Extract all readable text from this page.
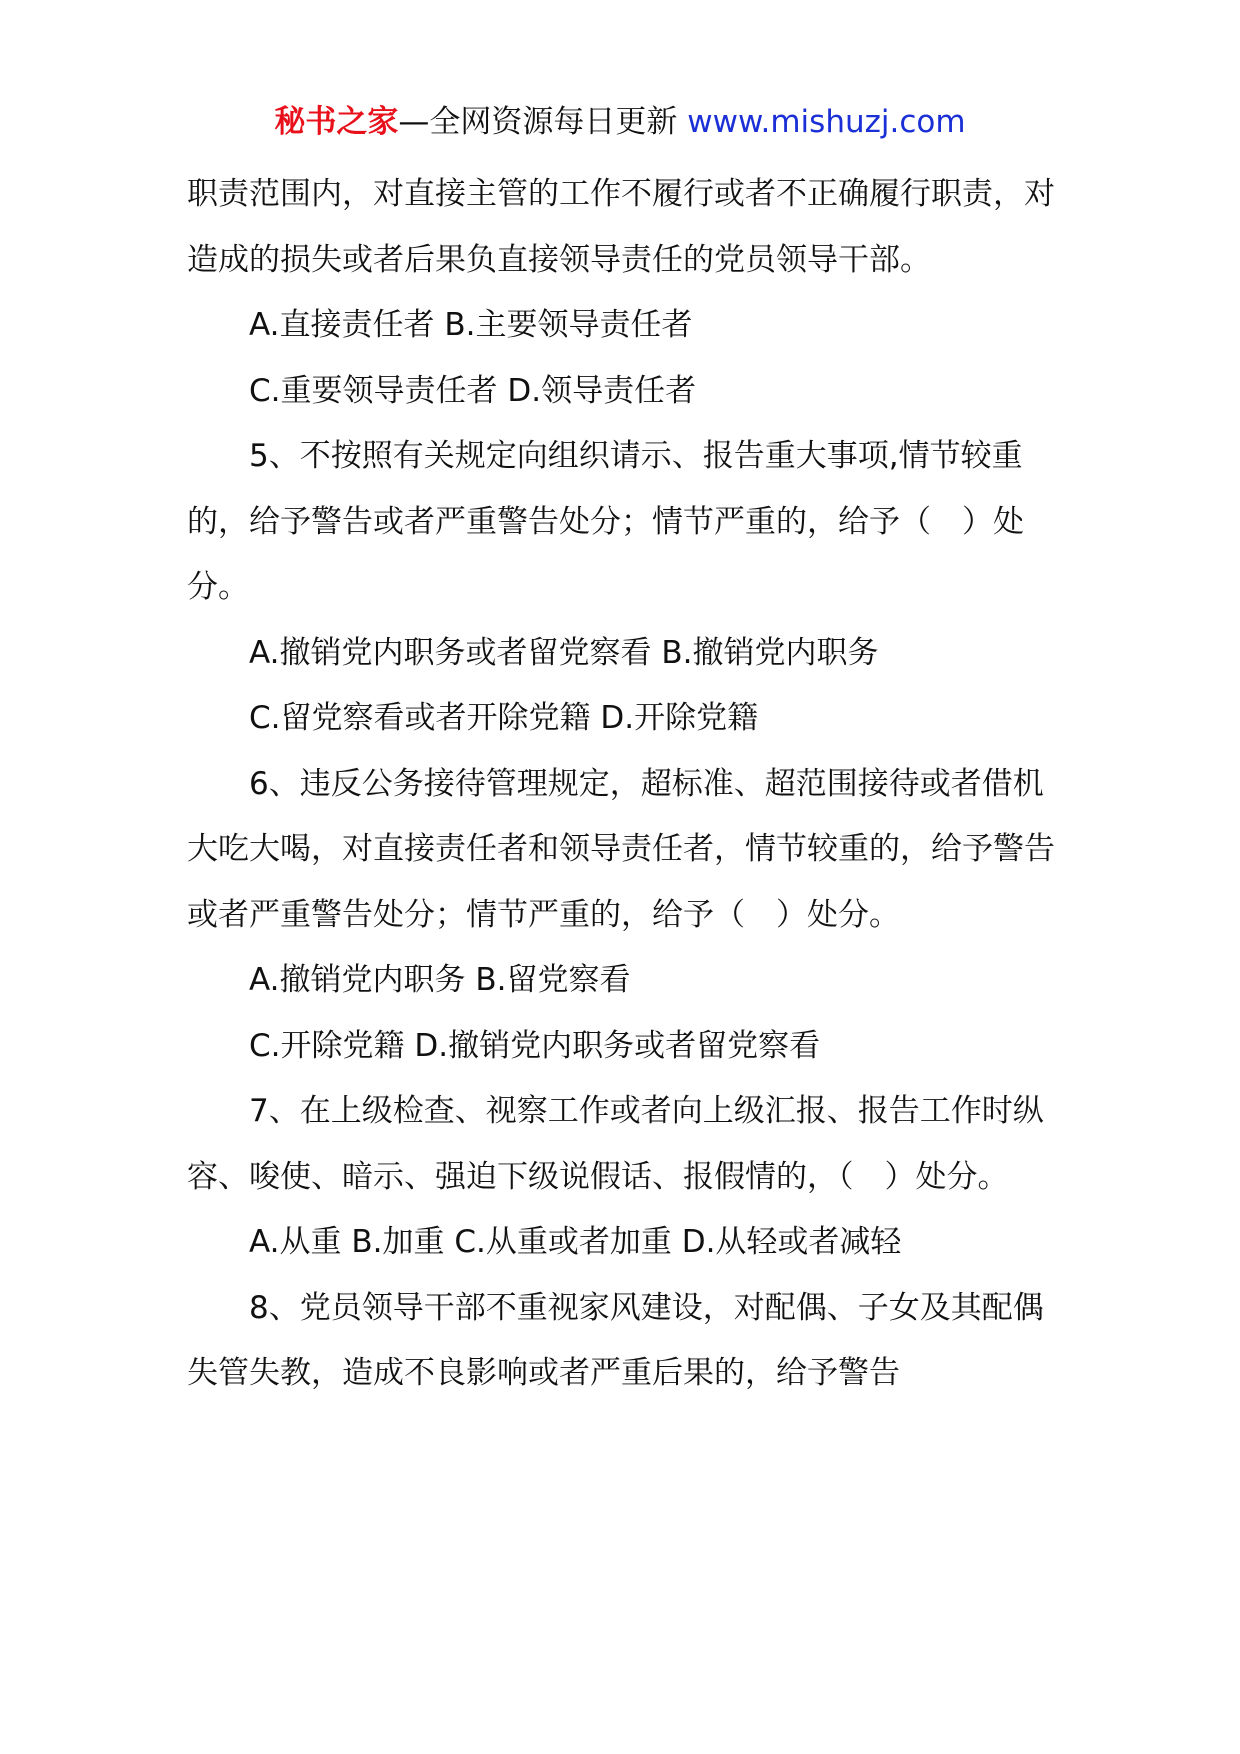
秘书之家—全网资源每日更新 www.mishuzj.com

职责范围内，对直接主管的工作不履行或者不正确履行职责，对造成的损失或者后果负直接领导责任的党员领导干部。

A.直接责任者 B.主要领导责任者

C.重要领导责任者 D.领导责任者

5、不按照有关规定向组织请示、报告重大事项,情节较重的，给予警告或者严重警告处分；情节严重的，给予（　）处分。

A.撤销党内职务或者留党察看 B.撤销党内职务

C.留党察看或者开除党籍 D.开除党籍

6、违反公务接待管理规定，超标准、超范围接待或者借机大吃大喝，对直接责任者和领导责任者，情节较重的，给予警告或者严重警告处分；情节严重的，给予（　）处分。

A.撤销党内职务 B.留党察看

C.开除党籍 D.撤销党内职务或者留党察看

7、在上级检查、视察工作或者向上级汇报、报告工作时纵容、唆使、暗示、强迫下级说假话、报假情的，（　）处分。

A.从重 B.加重 C.从重或者加重 D.从轻或者减轻

8、党员领导干部不重视家风建设，对配偶、子女及其配偶失管失教，造成不良影响或者严重后果的，给予警告
